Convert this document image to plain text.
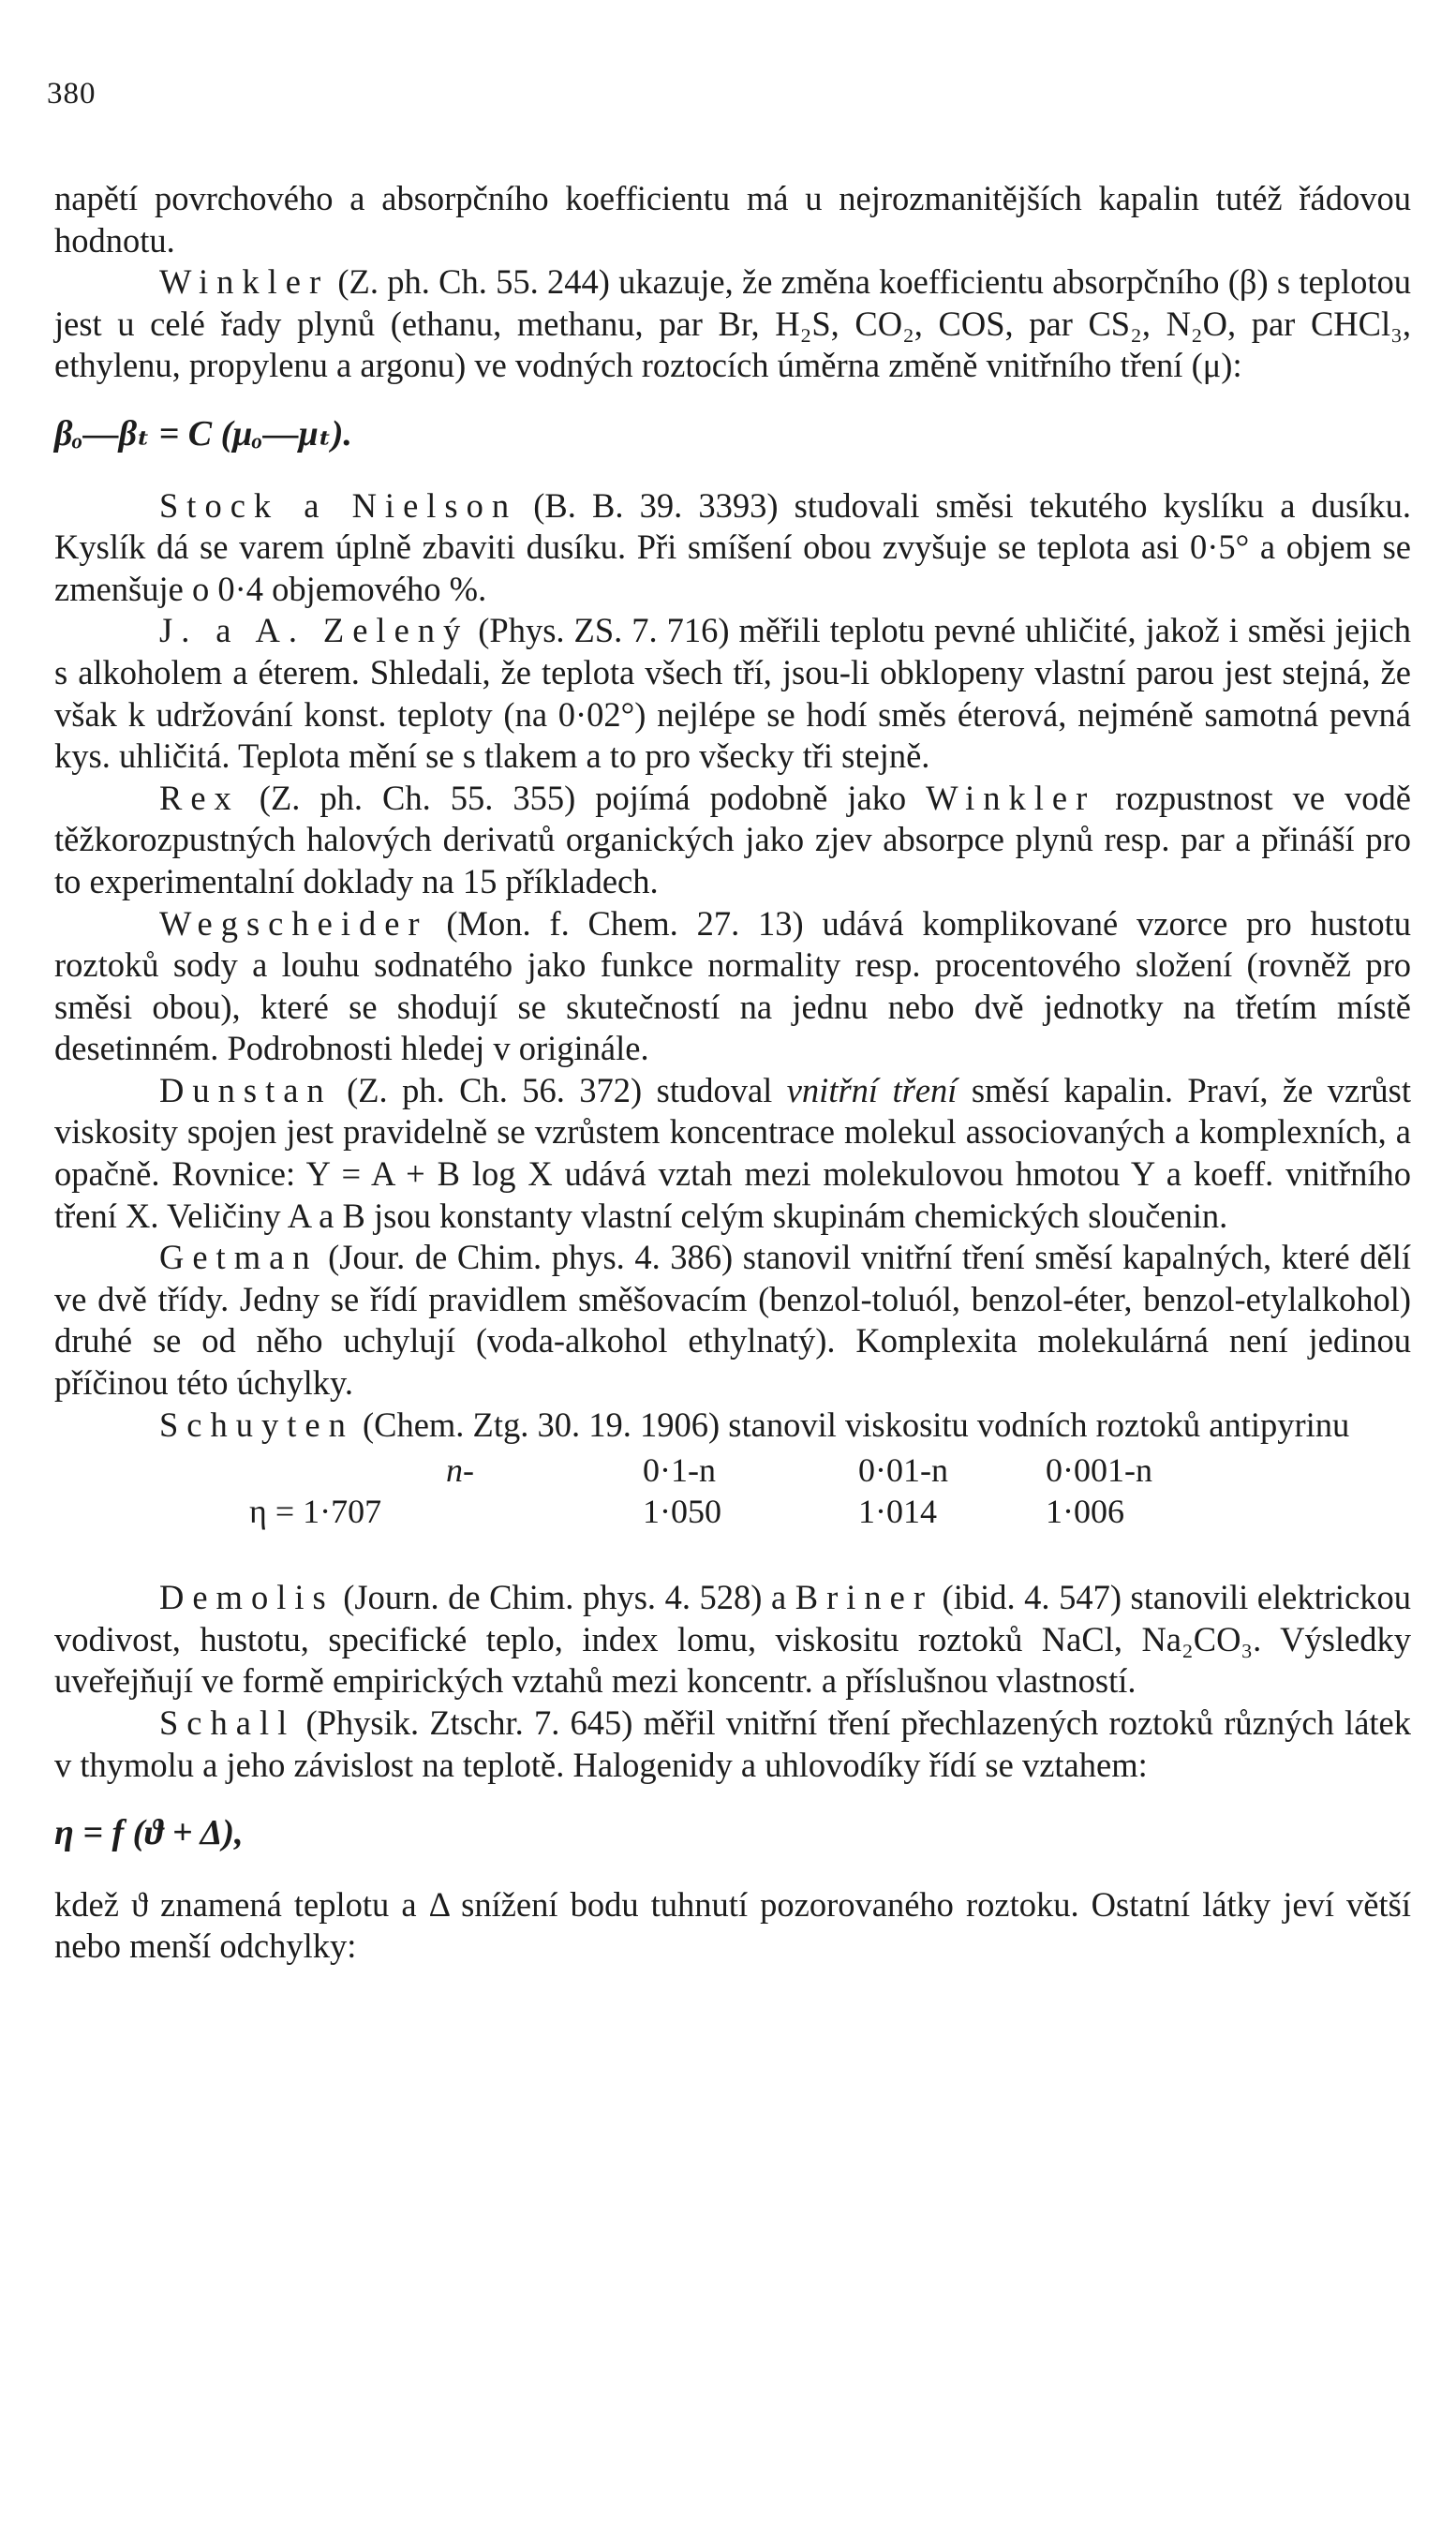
380

napětí povrchového a absorpčního koefficientu má u nejrozmanitějších kapalin tutéž řádovou hodnotu.

Winkler (Z. ph. Ch. 55. 244) ukazuje, že změna koefficientu absorpčního (β) s teplotou jest u celé řady plynů (ethanu, methanu, par Br, H₂S, CO₂, COS, par CS₂, N₂O, par CHCl₃, ethylenu, propylenu a argonu) ve vodných roztocích úměrna změně vnitřního tření (μ):

βₒ—βₜ = C (μₒ—μₜ).

Stock a Nielson (B. B. 39. 3393) studovali směsi tekutého kyslíku a dusíku. Kyslík dá se varem úplně zbaviti dusíku. Při smíšení obou zvyšuje se teplota asi 0·5° a objem se zmenšuje o 0·4 objemového %.

J. a A. Zelený (Phys. ZS. 7. 716) měřili teplotu pevné uhličité, jakož i směsi jejich s alkoholem a éterem. Shledali, že teplota všech tří, jsou-li obklopeny vlastní parou jest stejná, že však k udržování konst. teploty (na 0·02°) nejlépe se hodí směs éterová, nejméně samotná pevná kys. uhličitá. Teplota mění se s tlakem a to pro všecky tři stejně.

Rex (Z. ph. Ch. 55. 355) pojímá podobně jako Winkler rozpustnost ve vodě těžkorozpustných halových derivatů organických jako zjev absorpce plynů resp. par a přináší pro to experimentalní doklady na 15 příkladech.

Wegscheider (Mon. f. Chem. 27. 13) udává komplikované vzorce pro hustotu roztoků sody a louhu sodnatého jako funkce normality resp. procentového složení (rovněž pro směsi obou), které se shodují se skutečností na jednu nebo dvě jednotky na třetím místě desetinném. Podrobnosti hledej v originále.

Dunstan (Z. ph. Ch. 56. 372) studoval vnitřní tření směsí kapalin. Praví, že vzrůst viskosity spojen jest pravidelně se vzrůstem koncentrace molekul associovaných a komplexních, a opačně. Rovnice: Y = A + B log X udává vztah mezi molekulovou hmotou Y a koeff. vnitřního tření X. Veličiny A a B jsou konstanty vlastní celým skupinám chemických sloučenin.

Getman (Jour. de Chim. phys. 4. 386) stanovil vnitřní tření směsí kapalných, které dělí ve dvě třídy. Jedny se řídí pravidlem směšovacím (benzol-toluól, benzol-éter, benzol-etylalkohol) druhé se od něho uchylují (voda-alkohol ethylnatý). Komplexita molekulárná není jedinou příčinou této úchylky.

Schuyten (Chem. Ztg. 30. 19. 1906) stanovil viskositu vodních roztoků antipyrinu

	n-	0·1-n	0·01-n	0·001-n
η = 1·707		1·050	1·014	1·006

Demolis (Journ. de Chim. phys. 4. 528) a Briner (ibid. 4. 547) stanovili elektrickou vodivost, hustotu, specifické teplo, index lomu, viskositu roztoků NaCl, Na₂CO₃. Výsledky uveřejňují ve formě empirických vztahů mezi koncentr. a příslušnou vlastností.

Schall (Physik. Ztschr. 7. 645) měřil vnitřní tření přechlazených roztoků různých látek v thymolu a jeho závislost na teplotě. Halogenidy a uhlovodíky řídí se vztahem:

η = f (ϑ + Δ),

kdež ϑ znamená teplotu a Δ snížení bodu tuhnutí pozorovaného roztoku. Ostatní látky jeví větší nebo menší odchylky:
